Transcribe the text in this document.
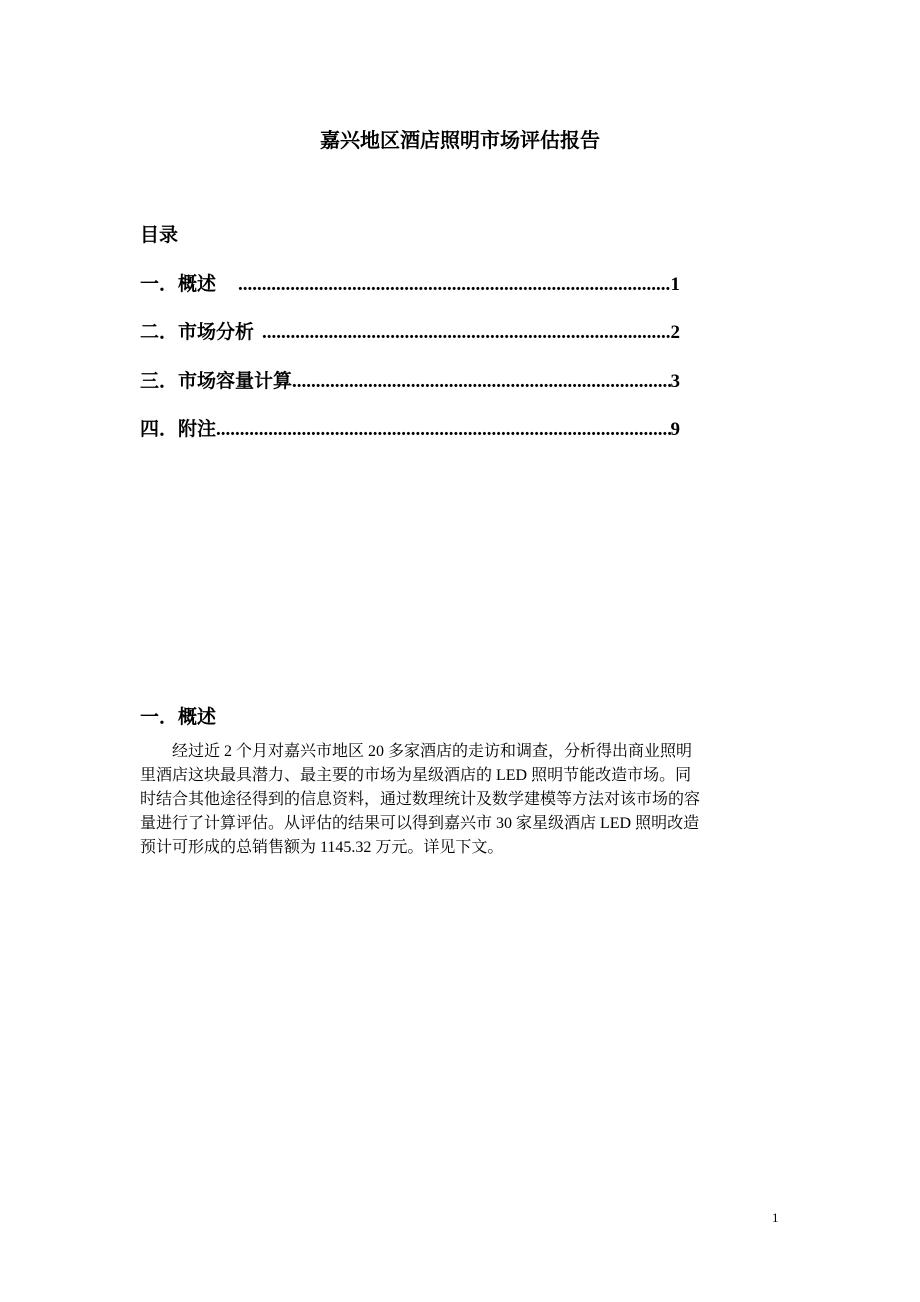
嘉兴地区酒店照明市场评估报告
目录
一．概述 .....	1
二．市场分析 .....	2
三．市场容量计算 .....	3
四．附注 .....	9
一．概述
经过近 2 个月对嘉兴市地区 20 多家酒店的走访和调查，分析得出商业照明
里酒店这块最具潜力、最主要的市场为星级酒店的 LED 照明节能改造市场。同
时结合其他途径得到的信息资料，通过数理统计及数学建模等方法对该市场的容
量进行了计算评估。从评估的结果可以得到嘉兴市 30 家星级酒店 LED 照明改造
预计可形成的总销售额为 1145.32 万元。详见下文。
1
